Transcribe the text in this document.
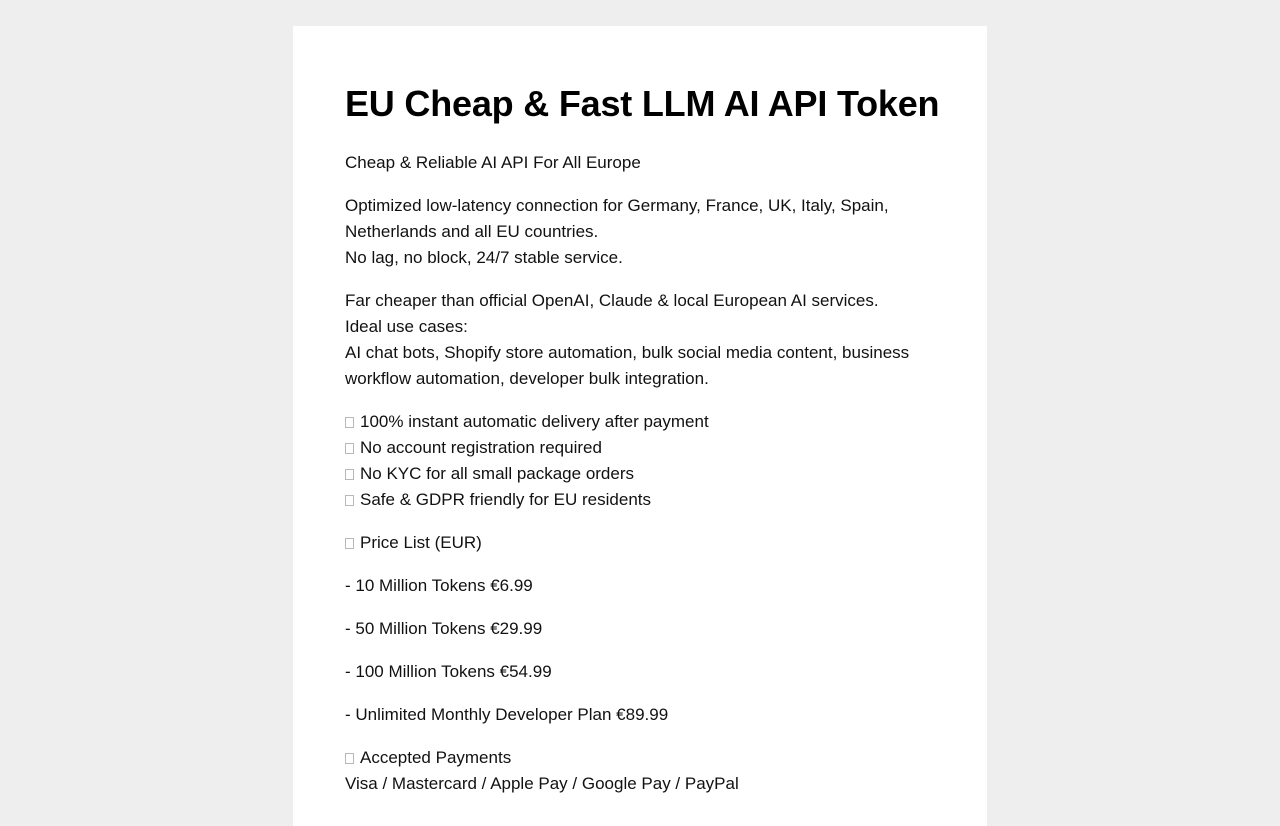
EU Cheap & Fast LLM AI API Token

Cheap & Reliable AI API For All Europe

Optimized low-latency connection for Germany, France, UK, Italy, Spain,
Netherlands and all EU countries.
No lag, no block, 24/7 stable service.

Far cheaper than official OpenAI, Claude & local European AI services.
Ideal use cases:
AI chat bots, Shopify store automation, bulk social media content, business
workflow automation, developer bulk integration.

100% instant automatic delivery after payment
No account registration required
No KYC for all small package orders
Safe & GDPR friendly for EU residents

Price List (EUR)

- 10 Million Tokens €6.99

- 50 Million Tokens €29.99

- 100 Million Tokens €54.99

- Unlimited Monthly Developer Plan €89.99

Accepted Payments
Visa / Mastercard / Apple Pay / Google Pay / PayPal
